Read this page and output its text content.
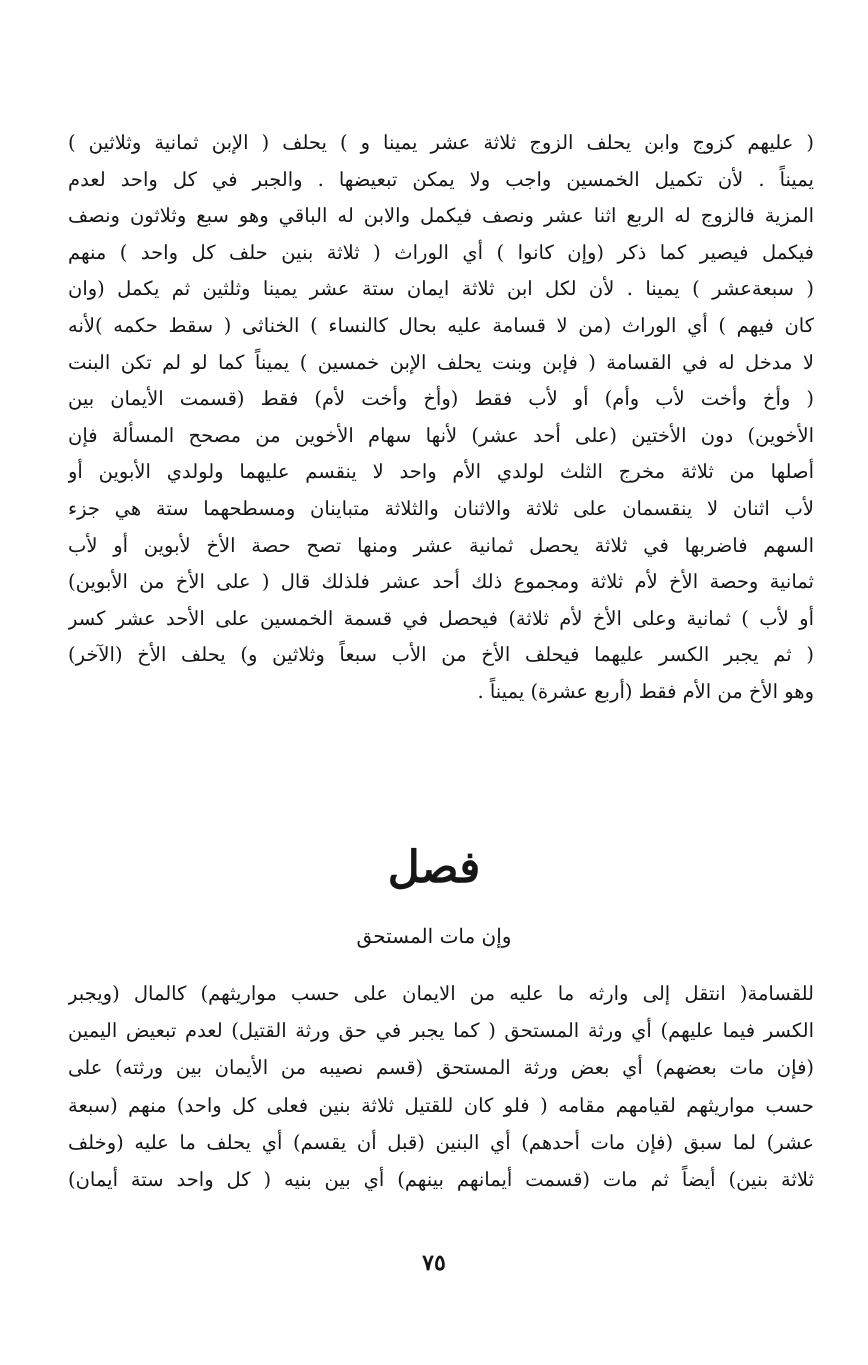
( عليهم كزوج وابن يحلف الزوج ثلاثة عشر يمينا و ) يحلف ( الإبن ثمانية وثلاثين )
يميناً . لأن تكميل الخمسين واجب ولا يمكن تبعيضها . والجبر في كل واحد لعدم
المزية فالزوج له الربع اثنا عشر ونصف فيكمل والابن له الباقي وهو سبع وثلاثون ونصف
فيكمل فيصير كما ذكر (وإن كانوا ) أي الوراث ( ثلاثة بنين حلف كل واحد ) منهم
( سبعةعشر ) يمينا . لأن لكل ابن ثلاثة ايمان ستة عشر يمينا وثلثين ثم يكمل (وان
كان فيهم ) أي الوراث (من لا قسامة عليه بحال كالنساء ) الخناثى ( سقط حكمه )لأنه
لا مدخل له في القسامة ( فإبن وبنت يحلف الإبن خمسين ) يميناً كما لو لم تكن البنت
( وأخ وأخت لأب وأم) أو لأب فقط (وأخ وأخت لأم) فقط (قسمت الأيمان بين
الأخوين) دون الأختين (على أحد عشر) لأنها سهام الأخوين من مصحح المسألة فإن
أصلها من ثلاثة مخرج الثلث لولدي الأم واحد لا ينقسم عليهما ولولدي الأبوين أو
لأب اثنان لا ينقسمان على ثلاثة والاثنان والثلاثة متباينان ومسطحهما ستة هي جزء
السهم فاضربها في ثلاثة يحصل ثمانية عشر ومنها تصح حصة الأخ لأبوين أو لأب
ثمانية وحصة الأخ لأم ثلاثة ومجموع ذلك أحد عشر فلذلك قال ( على الأخ من الأبوين)
أو لأب ) ثمانية وعلى الأخ لأم ثلاثة) فيحصل في قسمة الخمسين على الأحد عشر كسر
( ثم يجبر الكسر عليهما فيحلف الأخ من الأب سبعاً وثلاثين و) يحلف الأخ (الآخر)
وهو الأخ من الأم فقط (أربع عشرة) يميناً .
فصل
وإن مات المستحق
للقسامة( انتقل إلى وارثه ما عليه من الايمان على حسب مواريثهم) كالمال (ويجبر
الكسر فيما عليهم) أي ورثة المستحق ( كما يجبر في حق ورثة القتيل) لعدم تبعيض اليمين
(فإن مات بعضهم) أي بعض ورثة المستحق (قسم نصيبه من الأيمان بين ورثته) على
حسب مواريثهم لقيامهم مقامه ( فلو كان للقتيل ثلاثة بنين فعلى كل واحد) منهم (سبعة
عشر) لما سبق (فإن مات أحدهم) أي البنين (قبل أن يقسم) أي يحلف ما عليه (وخلف
ثلاثة بنين) أيضاً ثم مات (قسمت أيمانهم بينهم) أي بين بنيه ( كل واحد ستة أيمان)
٧٥
